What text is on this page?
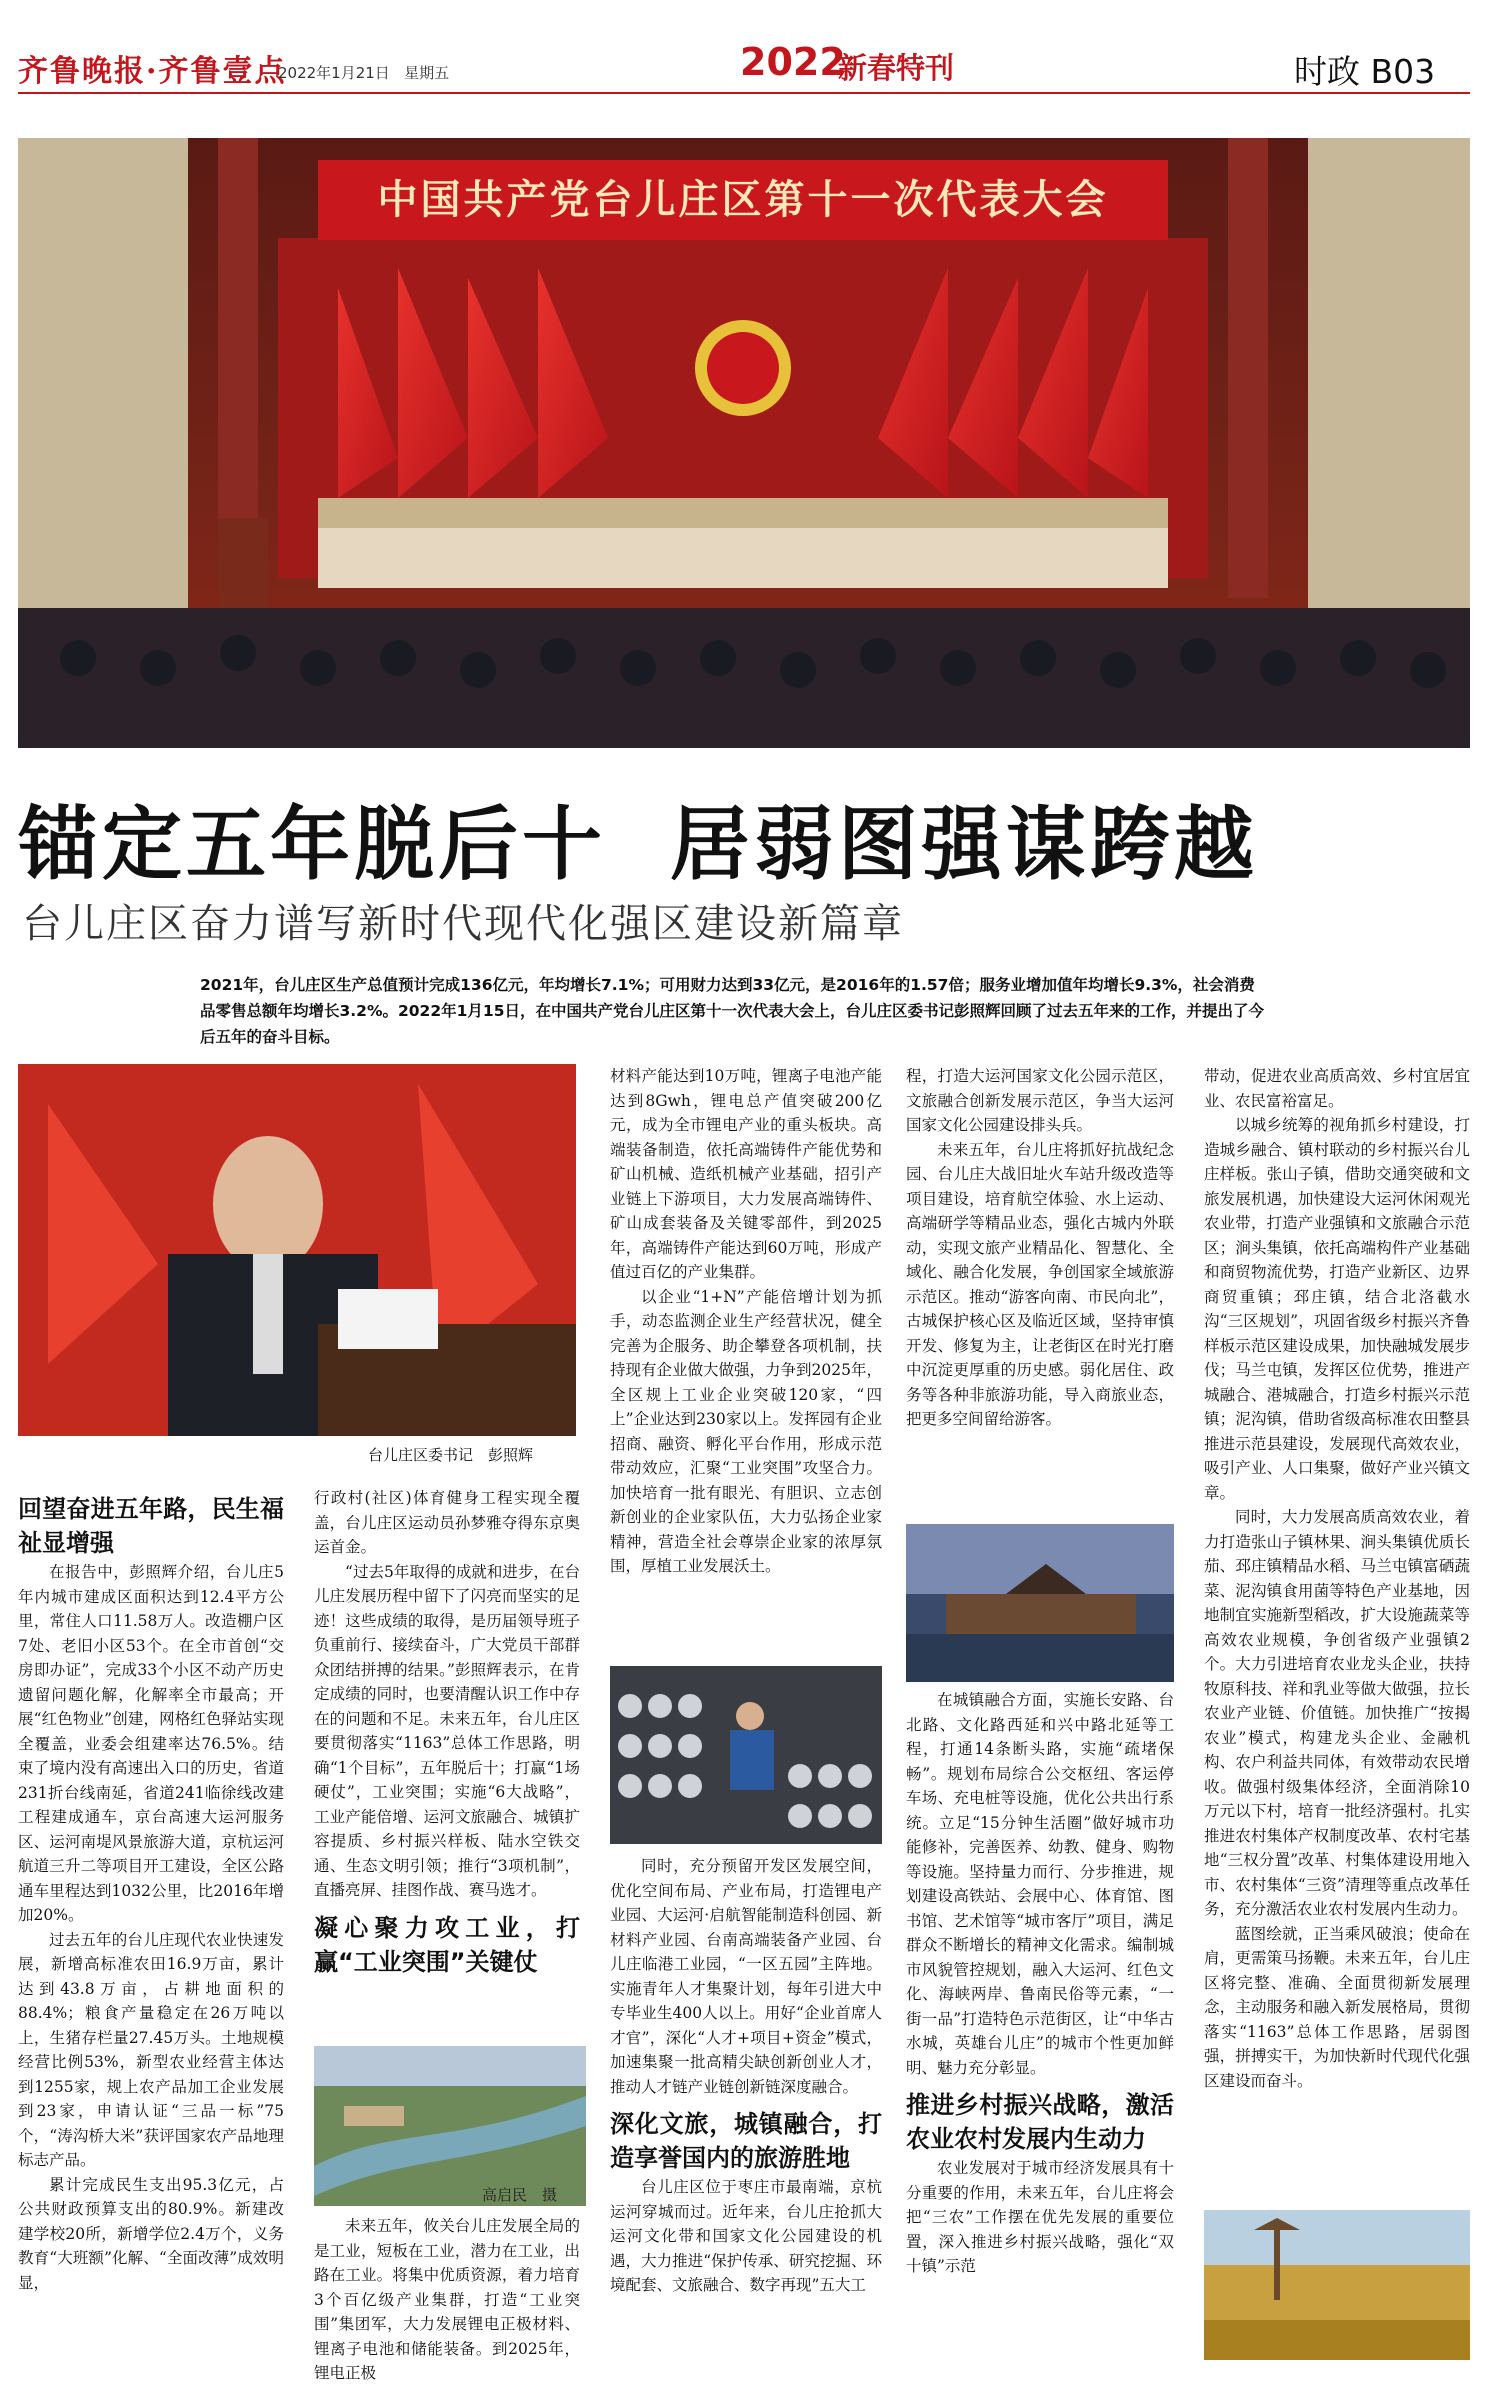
齐鲁晚报·齐鲁壹点
2022年1月21日 星期五	2022
新春特刊	时政 B03
中国共产党台儿庄区第十一次代表大会
锚定五年脱后十 居弱图强谋跨越
台儿庄区奋力谱写新时代现代化强区建设新篇章
2021年，台儿庄区生产总值预计完成136亿元，年均增长7.1%；可用财力达到33亿元，是2016年的1.57倍；服务业增加值年均增长9.3%，社会消费品零售总额年均增长3.2%。2022年1月15日，在中国共产党台儿庄区第十一次代表大会上，台儿庄区委书记彭照辉回顾了过去五年来的工作，并提出了今后五年的奋斗目标。
台儿庄区委书记　彭照辉
回望奋进五年路，民生福祉显增强

在报告中，彭照辉介绍，台儿庄5年内城市建成区面积达到12.4平方公里，常住人口11.58万人。改造棚户区7处、老旧小区53个。在全市首创“交房即办证”，完成33个小区不动产历史遗留问题化解，化解率全市最高；开展“红色物业”创建，网格红色驿站实现全覆盖，业委会组建率达76.5%。结束了境内没有高速出入口的历史，省道231折台线南延，省道241临徐线改建工程建成通车，京台高速大运河服务区、运河南堤风景旅游大道，京杭运河航道三升二等项目开工建设，全区公路通车里程达到1032公里，比2016年增加20%。

过去五年的台儿庄现代农业快速发展，新增高标准农田16.9万亩，累计达到43.8万亩，占耕地面积的88.4%；粮食产量稳定在26万吨以上，生猪存栏量27.45万头。土地规模经营比例53%，新型农业经营主体达到1255家，规上农产品加工企业发展到23家，申请认证“三品一标”75个，“涛沟桥大米”获评国家农产品地理标志产品。

累计完成民生支出95.3亿元，占公共财政预算支出的80.9%。新建改建学校20所，新增学位2.4万个，义务教育“大班额”化解、“全面改薄”成效明显，

行政村(社区)体育健身工程实现全覆盖，台儿庄区运动员孙梦雅夺得东京奥运首金。

“过去5年取得的成就和进步，在台儿庄发展历程中留下了闪亮而坚实的足迹！这些成绩的取得，是历届领导班子负重前行、接续奋斗，广大党员干部群众团结拼搏的结果。”彭照辉表示，在肯定成绩的同时，也要清醒认识工作中存在的问题和不足。未来五年，台儿庄区要贯彻落实“1163”总体工作思路，明确“1个目标”，五年脱后十；打赢“1场硬仗”，工业突围；实施“6大战略”，工业产能倍增、运河文旅融合、城镇扩容提质、乡村振兴样板、陆水空铁交通、生态文明引领；推行“3项机制”，直播亮屏、挂图作战、赛马选才。

凝心聚力攻工业，打赢“工业突围”关键仗
高启民　摄

未来五年，攸关台儿庄发展全局的是工业，短板在工业，潜力在工业，出路在工业。将集中优质资源，着力培育3个百亿级产业集群，打造“工业突围”集团军，大力发展锂电正极材料、锂离子电池和储能装备。到2025年，锂电正极

材料产能达到10万吨，锂离子电池产能达到8Gwh，锂电总产值突破200亿元，成为全市锂电产业的重头板块。高端装备制造，依托高端铸件产能优势和矿山机械、造纸机械产业基础，招引产业链上下游项目，大力发展高端铸件、矿山成套装备及关键零部件，到2025年，高端铸件产能达到60万吨，形成产值过百亿的产业集群。

以企业“1+N”产能倍增计划为抓手，动态监测企业生产经营状况，健全完善为企服务、助企攀登各项机制，扶持现有企业做大做强，力争到2025年，全区规上工业企业突破120家，“四上”企业达到230家以上。发挥园有企业招商、融资、孵化平台作用，形成示范带动效应，汇聚“工业突围”攻坚合力。加快培育一批有眼光、有胆识、立志创新创业的企业家队伍，大力弘扬企业家精神，营造全社会尊崇企业家的浓厚氛围，厚植工业发展沃土。

同时，充分预留开发区发展空间，优化空间布局、产业布局，打造锂电产业园、大运河·启航智能制造科创园、新材料产业园、台南高端装备产业园、台儿庄临港工业园，“一区五园”主阵地。实施青年人才集聚计划，每年引进大中专毕业生400人以上。用好“企业首席人才官”，深化“人才+项目+资金”模式，加速集聚一批高精尖缺创新创业人才，推动人才链产业链创新链深度融合。

深化文旅，城镇融合，打造享誉国内的旅游胜地

台儿庄区位于枣庄市最南端，京杭运河穿城而过。近年来，台儿庄抢抓大运河文化带和国家文化公园建设的机遇，大力推进“保护传承、研究挖掘、环境配套、文旅融合、数字再现”五大工

程，打造大运河国家文化公园示范区，文旅融合创新发展示范区，争当大运河国家文化公园建设排头兵。

未来五年，台儿庄将抓好抗战纪念园、台儿庄大战旧址火车站升级改造等项目建设，培育航空体验、水上运动、高端研学等精品业态，强化古城内外联动，实现文旅产业精品化、智慧化、全域化、融合化发展，争创国家全域旅游示范区。推动“游客向南、市民向北”，古城保护核心区及临近区域，坚持审慎开发、修复为主，让老街区在时光打磨中沉淀更厚重的历史感。弱化居住、政务等各种非旅游功能，导入商旅业态，把更多空间留给游客。

在城镇融合方面，实施长安路、台北路、文化路西延和兴中路北延等工程，打通14条断头路，实施“疏堵保畅”。规划布局综合公交枢纽、客运停车场、充电桩等设施，优化公共出行系统。立足“15分钟生活圈”做好城市功能修补，完善医养、幼教、健身、购物等设施。坚持量力而行、分步推进，规划建设高铁站、会展中心、体育馆、图书馆、艺术馆等“城市客厅”项目，满足群众不断增长的精神文化需求。编制城市风貌管控规划，融入大运河、红色文化、海峡两岸、鲁南民俗等元素，“一街一品”打造特色示范街区，让“中华古水城，英雄台儿庄”的城市个性更加鲜明、魅力充分彰显。

推进乡村振兴战略，激活农业农村发展内生动力

农业发展对于城市经济发展具有十分重要的作用，未来五年，台儿庄将会把“三农”工作摆在优先发展的重要位置，深入推进乡村振兴战略，强化“双十镇”示范

带动，促进农业高质高效、乡村宜居宜业、农民富裕富足。

以城乡统筹的视角抓乡村建设，打造城乡融合、镇村联动的乡村振兴台儿庄样板。张山子镇，借助交通突破和文旅发展机遇，加快建设大运河休闲观光农业带，打造产业强镇和文旅融合示范区；涧头集镇，依托高端构件产业基础和商贸物流优势，打造产业新区、边界商贸重镇；邳庄镇，结合北洛截水沟“三区规划”，巩固省级乡村振兴齐鲁样板示范区建设成果，加快融城发展步伐；马兰屯镇，发挥区位优势，推进产城融合、港城融合，打造乡村振兴示范镇；泥沟镇，借助省级高标准农田整县推进示范县建设，发展现代高效农业，吸引产业、人口集聚，做好产业兴镇文章。

同时，大力发展高质高效农业，着力打造张山子镇林果、涧头集镇优质长茄、邳庄镇精品水稻、马兰屯镇富硒蔬菜、泥沟镇食用菌等特色产业基地，因地制宜实施新型稻改，扩大设施蔬菜等高效农业规模，争创省级产业强镇2个。大力引进培育农业龙头企业，扶持牧原科技、祥和乳业等做大做强，拉长农业产业链、价值链。加快推广“按揭农业”模式，构建龙头企业、金融机构、农户利益共同体，有效带动农民增收。做强村级集体经济，全面消除10万元以下村，培育一批经济强村。扎实推进农村集体产权制度改革、农村宅基地“三权分置”改革、村集体建设用地入市、农村集体“三资”清理等重点改革任务，充分激活农业农村发展内生动力。

蓝图绘就，正当乘风破浪；使命在肩，更需策马扬鞭。未来五年，台儿庄区将完整、准确、全面贯彻新发展理念，主动服务和融入新发展格局，贯彻落实“1163”总体工作思路，居弱图强，拼搏实干，为加快新时代现代化强区建设而奋斗。
